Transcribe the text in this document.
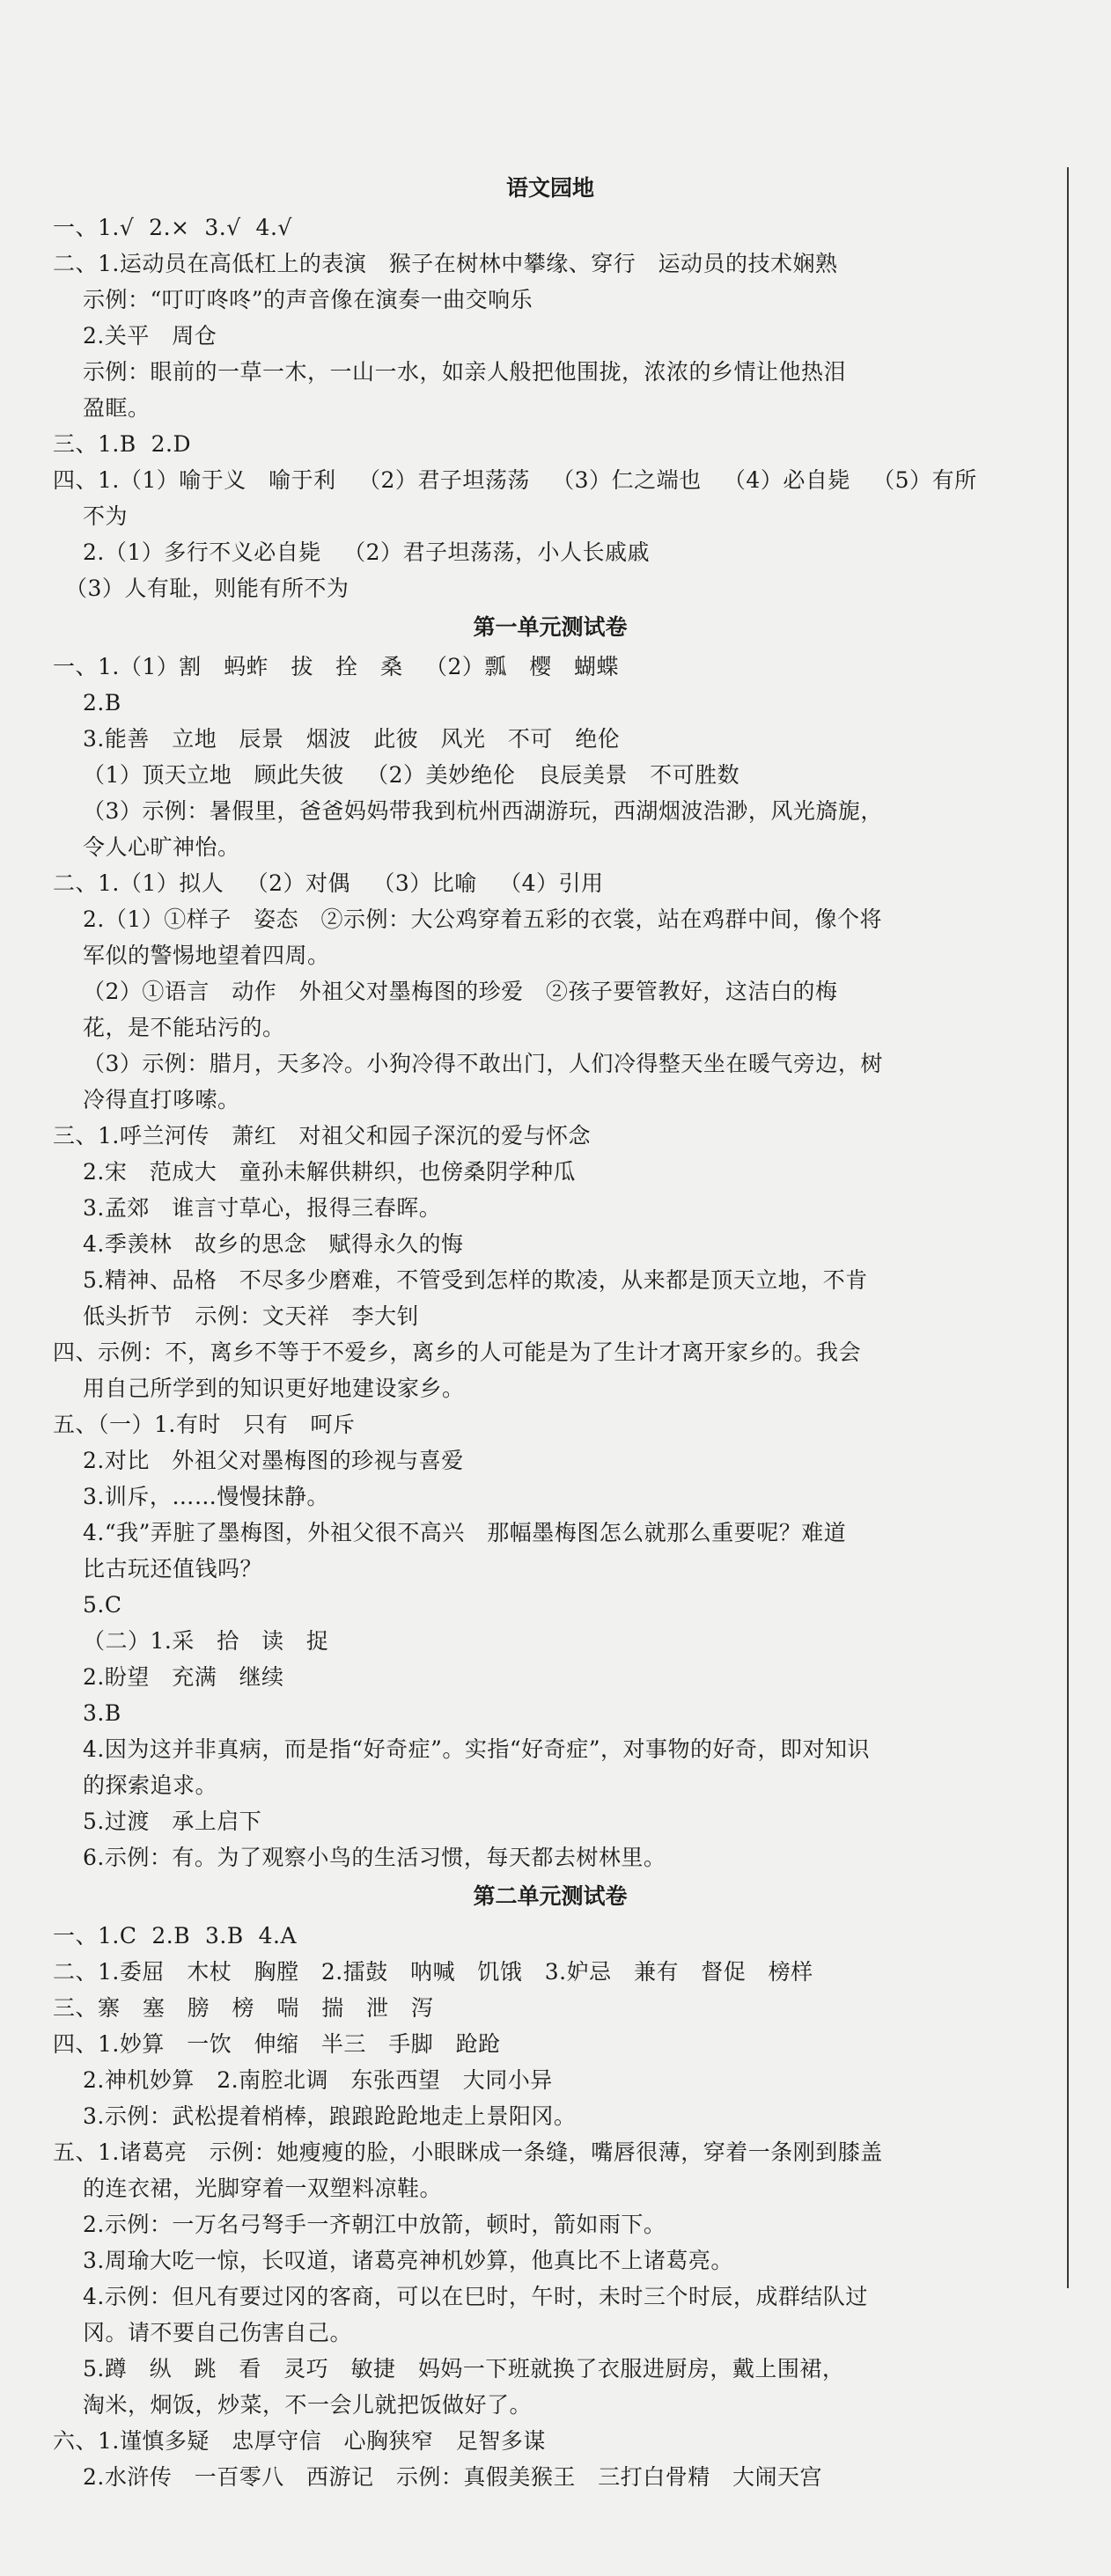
语文园地
一、1.√  2.×  3.√  4.√
二、1.运动员在高低杠上的表演   猴子在树林中攀缘、穿行   运动员的技术娴熟
示例：“叮叮咚咚”的声音像在演奏一曲交响乐
2.关平   周仓
示例：眼前的一草一木，一山一水，如亲人般把他围拢，浓浓的乡情让他热泪
盈眶。
三、1.B  2.D
四、1.（1）喻于义   喻于利   （2）君子坦荡荡   （3）仁之端也   （4）必自毙   （5）有所
不为
2.（1）多行不义必自毙   （2）君子坦荡荡，小人长戚戚
（3）人有耻，则能有所不为
第一单元测试卷
一、1.（1）割   蚂蚱   拔   拴   桑   （2）瓢   樱   蝴蝶
2.B
3.能善   立地   辰景   烟波   此彼   风光   不可   绝伦
（1）顶天立地   顾此失彼   （2）美妙绝伦   良辰美景   不可胜数
（3）示例：暑假里，爸爸妈妈带我到杭州西湖游玩，西湖烟波浩渺，风光旖旎，
令人心旷神怡。
二、1.（1）拟人   （2）对偶   （3）比喻   （4）引用
2.（1）①样子   姿态   ②示例：大公鸡穿着五彩的衣裳，站在鸡群中间，像个将
军似的警惕地望着四周。
（2）①语言   动作   外祖父对墨梅图的珍爱   ②孩子要管教好，这洁白的梅
花，是不能玷污的。
（3）示例：腊月，天多冷。小狗冷得不敢出门，人们冷得整天坐在暖气旁边，树
冷得直打哆嗦。
三、1.呼兰河传   萧红   对祖父和园子深沉的爱与怀念
2.宋   范成大   童孙未解供耕织，也傍桑阴学种瓜
3.孟郊   谁言寸草心，报得三春晖。
4.季羡林   故乡的思念   赋得永久的悔
5.精神、品格   不尽多少磨难，不管受到怎样的欺凌，从来都是顶天立地，不肯
低头折节   示例：文天祥   李大钊
四、示例：不，离乡不等于不爱乡，离乡的人可能是为了生计才离开家乡的。我会
用自己所学到的知识更好地建设家乡。
五、（一）1.有时   只有   呵斥
2.对比   外祖父对墨梅图的珍视与喜爱
3.训斥，……慢慢抹静。
4.“我”弄脏了墨梅图，外祖父很不高兴   那幅墨梅图怎么就那么重要呢？难道
比古玩还值钱吗？
5.C
（二）1.采   拾   读   捉
2.盼望   充满   继续
3.B
4.因为这并非真病，而是指“好奇症”。实指“好奇症”，对事物的好奇，即对知识
的探索追求。
5.过渡   承上启下
6.示例：有。为了观察小鸟的生活习惯，每天都去树林里。
第二单元测试卷
一、1.C  2.B  3.B  4.A
二、1.委屈   木杖   胸膛   2.擂鼓   呐喊   饥饿   3.妒忌   兼有   督促   榜样
三、寨   塞   膀   榜   喘   揣   泄   泻
四、1.妙算   一饮   伸缩   半三   手脚   跄跄
2.神机妙算   2.南腔北调   东张西望   大同小异
3.示例：武松提着梢棒，踉踉跄跄地走上景阳冈。
五、1.诸葛亮   示例：她瘦瘦的脸，小眼眯成一条缝，嘴唇很薄，穿着一条刚到膝盖
的连衣裙，光脚穿着一双塑料凉鞋。
2.示例：一万名弓弩手一齐朝江中放箭，顿时，箭如雨下。
3.周瑜大吃一惊，长叹道，诸葛亮神机妙算，他真比不上诸葛亮。
4.示例：但凡有要过冈的客商，可以在巳时，午时，未时三个时辰，成群结队过
冈。请不要自己伤害自己。
5.蹲   纵   跳   看   灵巧   敏捷   妈妈一下班就换了衣服进厨房，戴上围裙，
淘米，炯饭，炒菜，不一会儿就把饭做好了。
六、1.谨慎多疑   忠厚守信   心胸狭窄   足智多谋
2.水浒传   一百零八   西游记   示例：真假美猴王   三打白骨精   大闹天宫
